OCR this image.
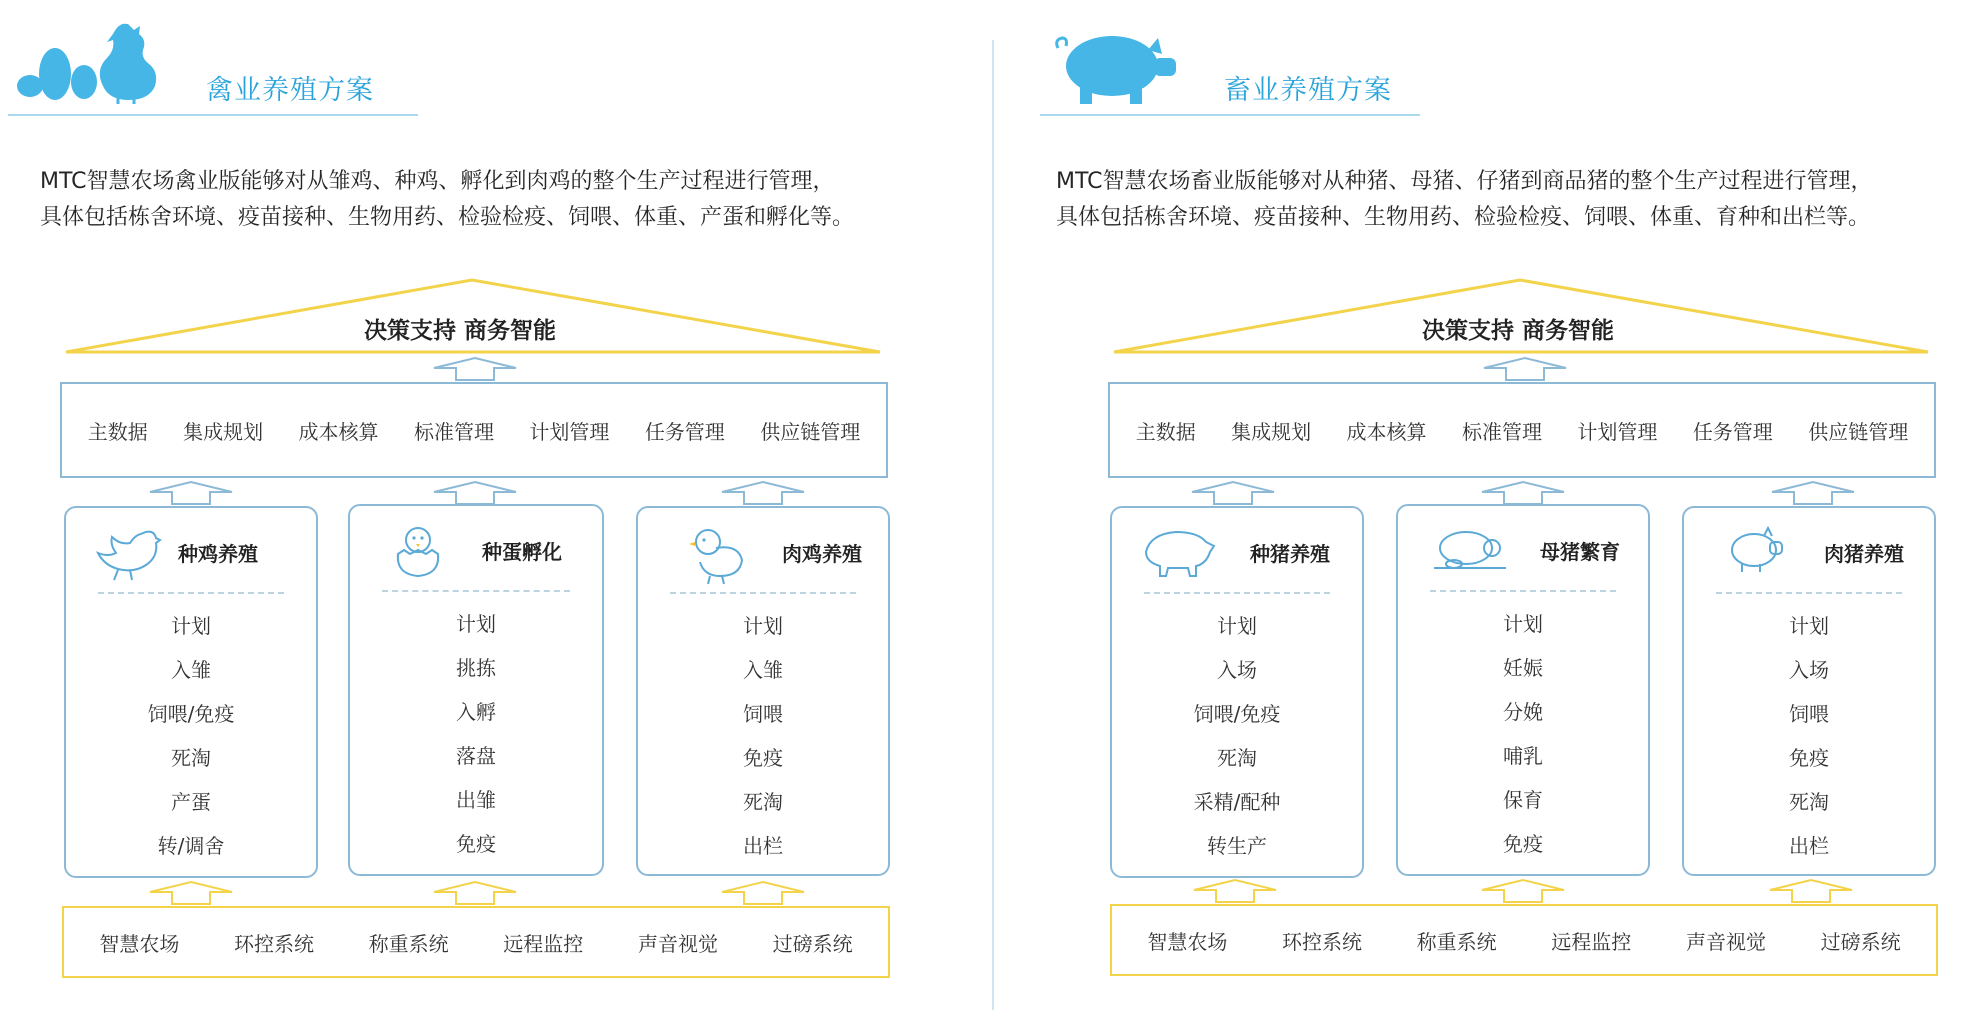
禽业养殖方案
MTC智慧农场禽业版能够对从雏鸡、种鸡、孵化到肉鸡的整个生产过程进行管理，
具体包括栋舍环境、疫苗接种、生物用药、检验检疫、饲喂、体重、产蛋和孵化等。
决策支持 商务智能
主数据 集成规划 成本核算 标准管理 计划管理 任务管理 供应链管理
种鸡养殖
计划
入雏
饲喂/免疫
死淘
产蛋
转/调舍
种蛋孵化
计划
挑拣
入孵
落盘
出雏
免疫
肉鸡养殖
计划
入雏
饲喂
免疫
死淘
出栏
智慧农场	环控系统	称重系统	远程监控	声音视觉	过磅系统
畜业养殖方案
MTC智慧农场畜业版能够对从种猪、母猪、仔猪到商品猪的整个生产过程进行管理，
具体包括栋舍环境、疫苗接种、生物用药、检验检疫、饲喂、体重、育种和出栏等。
决策支持 商务智能
主数据 集成规划 成本核算 标准管理 计划管理 任务管理 供应链管理
种猪养殖
计划
入场
饲喂/免疫
死淘
采精/配种
转生产
母猪繁育
计划
妊娠
分娩
哺乳
保育
免疫
肉猪养殖
计划
入场
饲喂
免疫
死淘
出栏
智慧农场	环控系统	称重系统	远程监控	声音视觉	过磅系统
